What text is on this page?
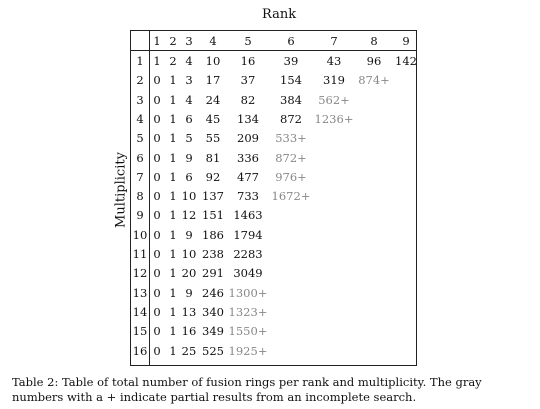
Rank
Multiplicity
1 2 3 4 5	6	7	8 9
1 1 2 4 10 16 39 43 96 142
2 0 1 3 17 37 154 319 874+
3 0 1 4 24 82 384 562+
4 0 1 6 45 134 872 1236+
5 0 1 5 55 209 533+
6 0 1 9 81 336 872+
7 0 1 6 92 477 976+
8 0 1 10 137 733 1672+
9 0 1 12 151 1463
10 0 1 9 186 1794
11 0 1 10 238 2283
12 0 1 20 291 3049
13 0 1 9 246 1300+
14 0 1 13 340 1323+
15 0 1 16 349 1550+
16 0 1 25 525 1925+
Table 2: Table of total number of fusion rings per rank and multiplicity. The gray numbers with a + indicate partial results from an incomplete search.
